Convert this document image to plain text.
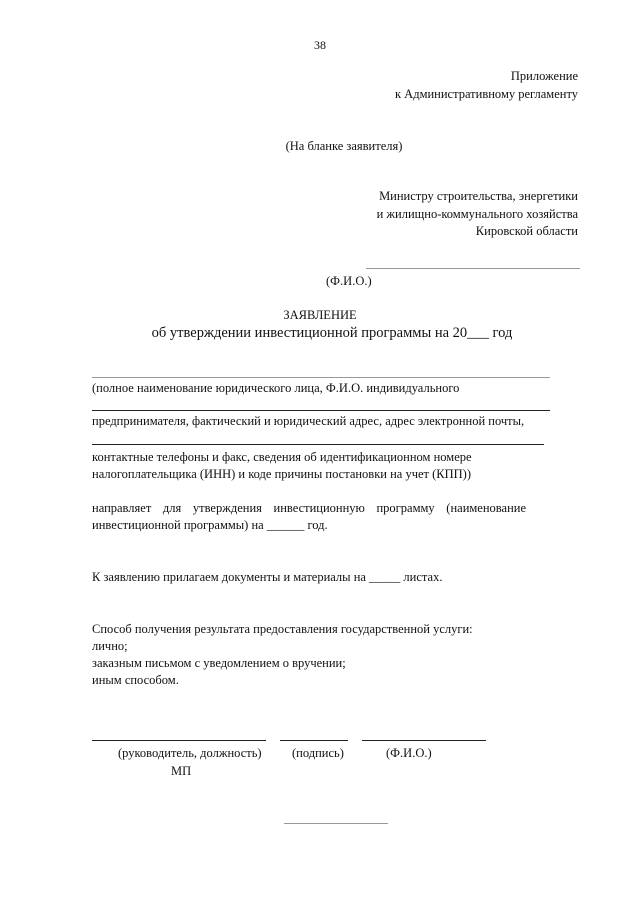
38
Приложение
к Административному регламенту
(На бланке заявителя)
Министру строительства, энергетики
и жилищно-коммунального хозяйства
Кировской области
(Ф.И.О.)
ЗАЯВЛЕНИЕ
об утверждении инвестиционной программы на 20___ год
(полное наименование юридического лица, Ф.И.О. индивидуального
предпринимателя, фактический и юридический адрес, адрес электронной почты,
контактные телефоны и факс, сведения об идентификационном номере
налогоплательщика (ИНН) и коде причины постановки на учет (КПП))
направляет для утверждения инвестиционную программу (наименование инвестиционной программы) на ______ год.
К заявлению прилагаем документы и материалы на _____ листах.
Способ получения результата предоставления государственной услуги:
лично;
заказным письмом с уведомлением о вручении;
иным способом.
(руководитель, должность) (подпись)	(Ф.И.О.)
МП
